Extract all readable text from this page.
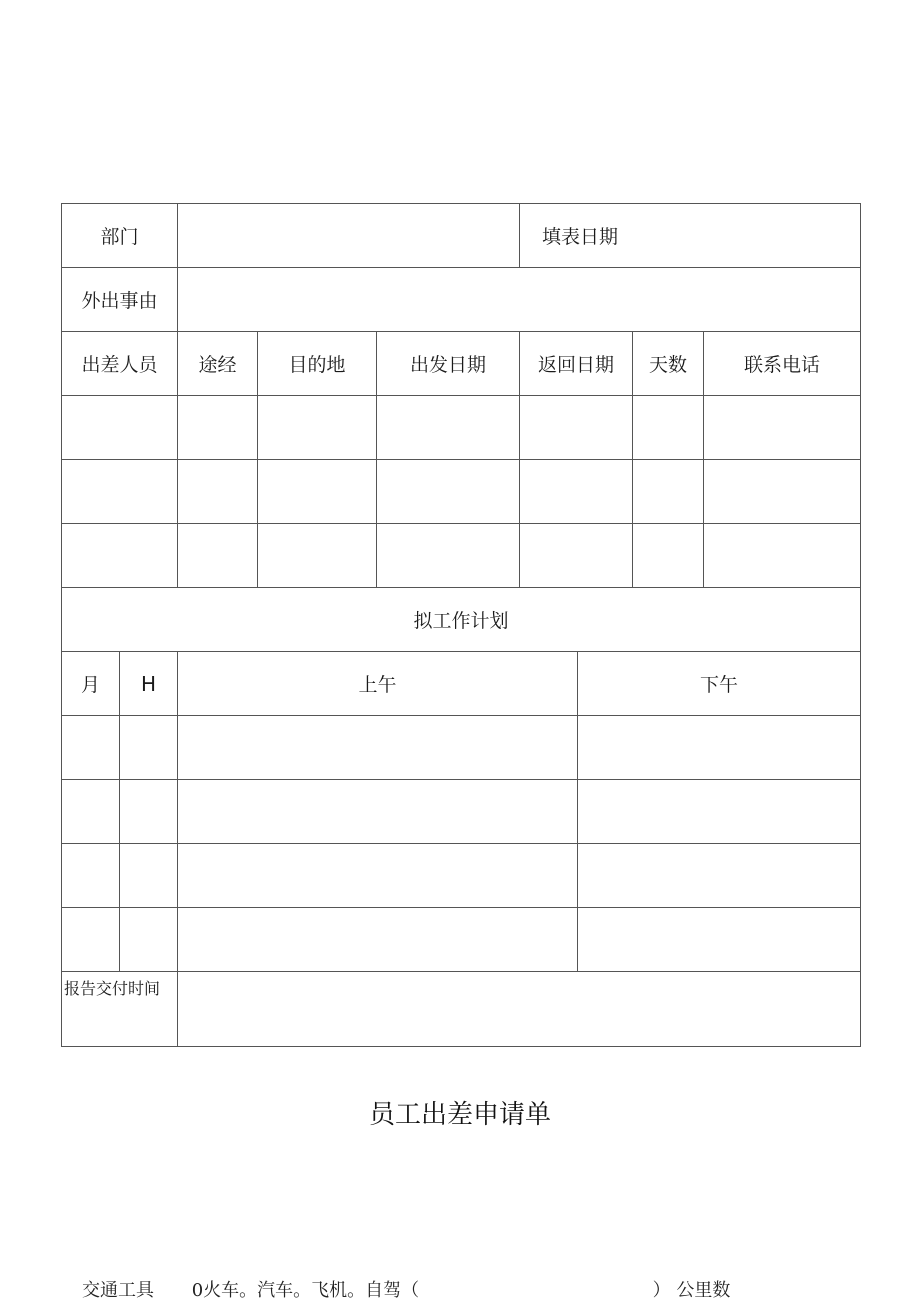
部门					填表日期			
外出事由								
出差人员		途经	目的地	出发日期	返回日期		天数	联系电话

拟工作计划								
月	H	上午				下午		

报告交付时间								
员工出差申请单
交通工具 0火车。汽车。飞机。自驾（	） 公里数
